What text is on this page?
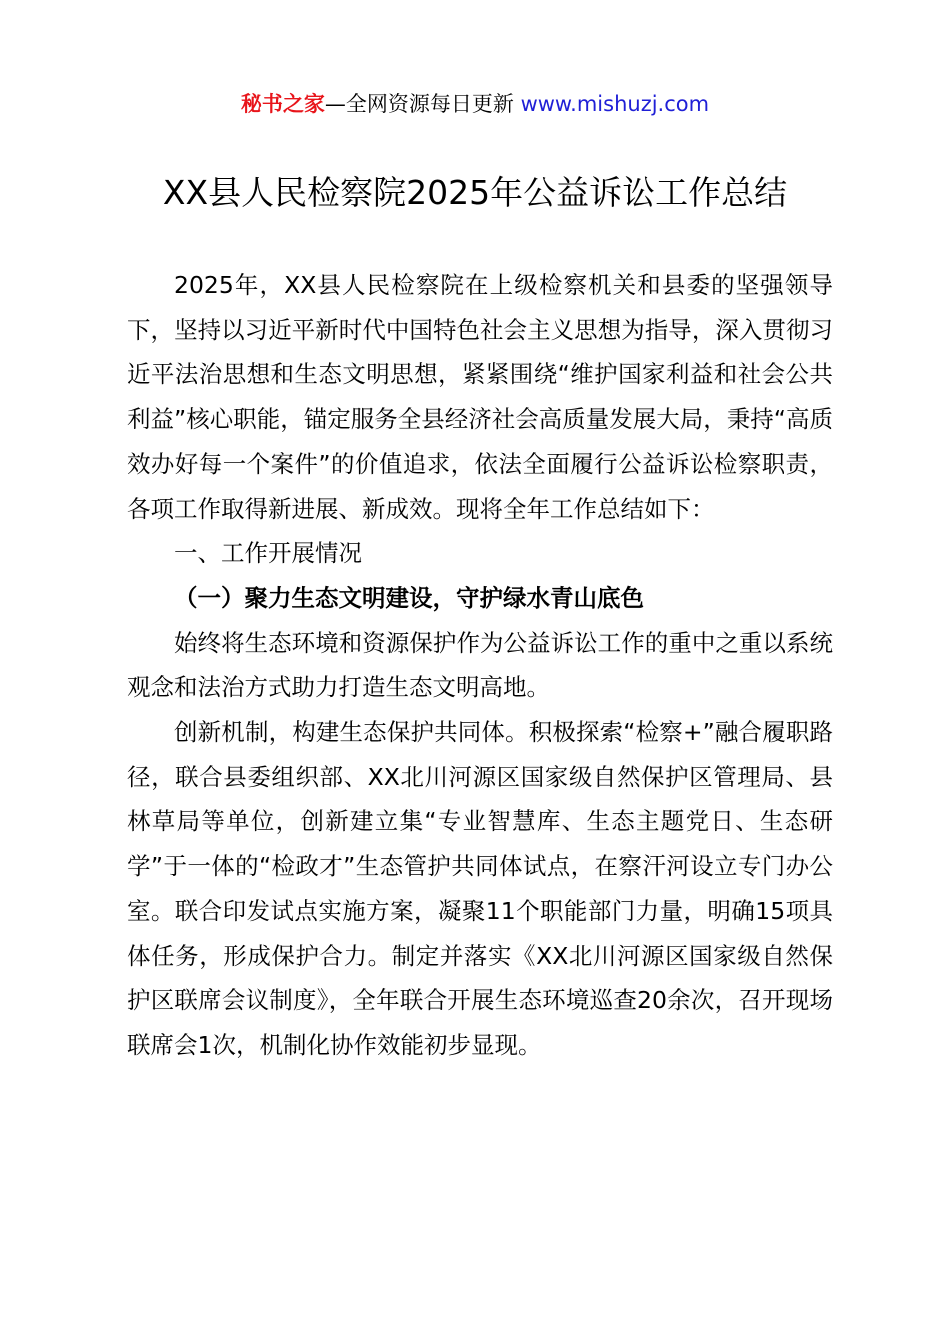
秘书之家—全网资源每日更新 www.mishuzj.com
XX县人民检察院2025年公益诉讼工作总结

2025年，XX县人民检察院在上级检察机关和县委的坚强领导下，坚持以习近平新时代中国特色社会主义思想为指导，深入贯彻习近平法治思想和生态文明思想，紧紧围绕“维护国家利益和社会公共利益”核心职能，锚定服务全县经济社会高质量发展大局，秉持“高质效办好每一个案件”的价值追求，依法全面履行公益诉讼检察职责，各项工作取得新进展、新成效。现将全年工作总结如下：

一、工作开展情况

（一）聚力生态文明建设，守护绿水青山底色

始终将生态环境和资源保护作为公益诉讼工作的重中之重以系统观念和法治方式助力打造生态文明高地。

创新机制，构建生态保护共同体。积极探索“检察+”融合履职路径，联合县委组织部、XX北川河源区国家级自然保护区管理局、县林草局等单位，创新建立集“专业智慧库、生态主题党日、生态研学”于一体的“检政才”生态管护共同体试点，在察汗河设立专门办公室。联合印发试点实施方案，凝聚11个职能部门力量，明确15项具体任务，形成保护合力。制定并落实《XX北川河源区国家级自然保护区联席会议制度》，全年联合开展生态环境巡查20余次，召开现场联席会1次，机制化协作效能初步显现。
